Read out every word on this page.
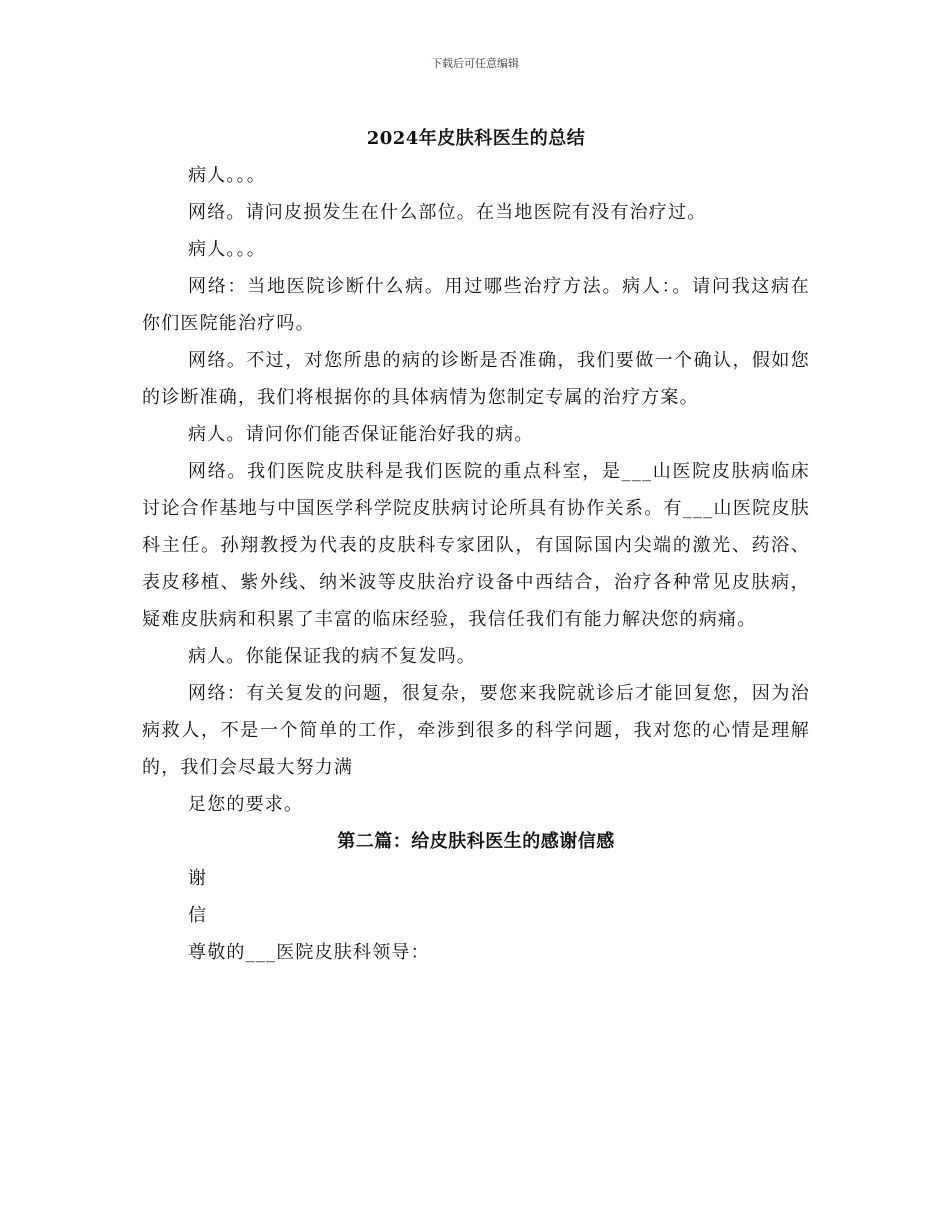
下载后可任意编辑
2024年皮肤科医生的总结

病人。。。

网络。请问皮损发生在什么部位。在当地医院有没有治疗过。

病人。。。

网络：当地医院诊断什么病。用过哪些治疗方法。病人：。请问我这病在你们医院能治疗吗。

网络。不过，对您所患的病的诊断是否准确，我们要做一个确认，假如您的诊断准确，我们将根据你的具体病情为您制定专属的治疗方案。

病人。请问你们能否保证能治好我的病。

网络。我们医院皮肤科是我们医院的重点科室，是___山医院皮肤病临床讨论合作基地与中国医学科学院皮肤病讨论所具有协作关系。有___山医院皮肤科主任。孙翔教授为代表的皮肤科专家团队，有国际国内尖端的激光、药浴、表皮移植、紫外线、纳米波等皮肤治疗设备中西结合，治疗各种常见皮肤病，疑难皮肤病和积累了丰富的临床经验，我信任我们有能力解决您的病痛。

病人。你能保证我的病不复发吗。

网络：有关复发的问题，很复杂，要您来我院就诊后才能回复您，因为治病救人，不是一个简单的工作，牵涉到很多的科学问题，我对您的心情是理解的，我们会尽最大努力满

足您的要求。

第二篇：给皮肤科医生的感谢信感

谢

信

尊敬的___医院皮肤科领导：
